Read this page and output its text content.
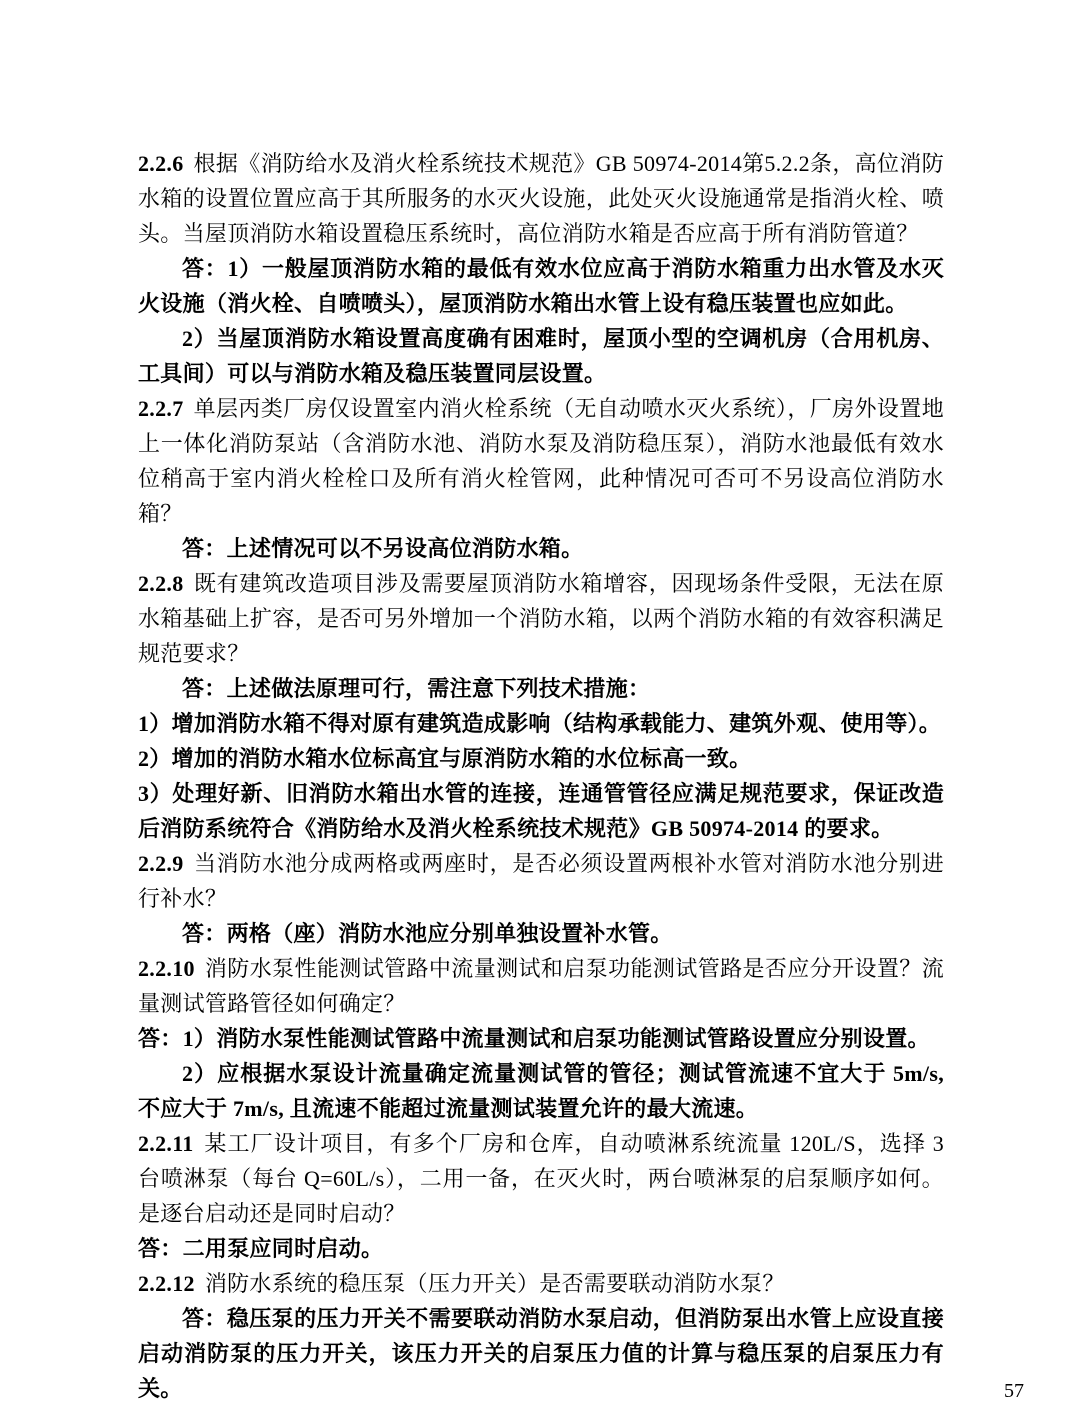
2.2.6 根据《消防给水及消火栓系统技术规范》GB 50974-2014第5.2.2条，高位消防水箱的设置位置应高于其所服务的水灭火设施，此处灭火设施通常是指消火栓、喷头。当屋顶消防水箱设置稳压系统时，高位消防水箱是否应高于所有消防管道？

答：1）一般屋顶消防水箱的最低有效水位应高于消防水箱重力出水管及水灭火设施（消火栓、自喷喷头），屋顶消防水箱出水管上设有稳压装置也应如此。

2）当屋顶消防水箱设置高度确有困难时，屋顶小型的空调机房（合用机房、工具间）可以与消防水箱及稳压装置同层设置。

2.2.7 单层丙类厂房仅设置室内消火栓系统（无自动喷水灭火系统），厂房外设置地上一体化消防泵站（含消防水池、消防水泵及消防稳压泵），消防水池最低有效水位稍高于室内消火栓栓口及所有消火栓管网，此种情况可否可不另设高位消防水箱？

答：上述情况可以不另设高位消防水箱。

2.2.8 既有建筑改造项目涉及需要屋顶消防水箱增容，因现场条件受限，无法在原水箱基础上扩容，是否可另外增加一个消防水箱，以两个消防水箱的有效容积满足规范要求？

答：上述做法原理可行，需注意下列技术措施：

1）增加消防水箱不得对原有建筑造成影响（结构承载能力、建筑外观、使用等）。

2）增加的消防水箱水位标高宜与原消防水箱的水位标高一致。

3）处理好新、旧消防水箱出水管的连接，连通管管径应满足规范要求，保证改造后消防系统符合《消防给水及消火栓系统技术规范》GB 50974-2014 的要求。

2.2.9 当消防水池分成两格或两座时，是否必须设置两根补水管对消防水池分别进行补水？

答：两格（座）消防水池应分别单独设置补水管。

2.2.10 消防水泵性能测试管路中流量测试和启泵功能测试管路是否应分开设置？流量测试管路管径如何确定？

答：1）消防水泵性能测试管路中流量测试和启泵功能测试管路设置应分别设置。

2）应根据水泵设计流量确定流量测试管的管径；测试管流速不宜大于 5m/s, 不应大于 7m/s, 且流速不能超过流量测试装置允许的最大流速。

2.2.11 某工厂设计项目，有多个厂房和仓库，自动喷淋系统流量 120L/S，选择 3 台喷淋泵（每台 Q=60L/s），二用一备，在灭火时，两台喷淋泵的启泵顺序如何。是逐台启动还是同时启动？

答：二用泵应同时启动。

2.2.12 消防水系统的稳压泵（压力开关）是否需要联动消防水泵？

答：稳压泵的压力开关不需要联动消防水泵启动，但消防泵出水管上应设直接启动消防泵的压力开关，该压力开关的启泵压力值的计算与稳压泵的启泵压力有关。	57
